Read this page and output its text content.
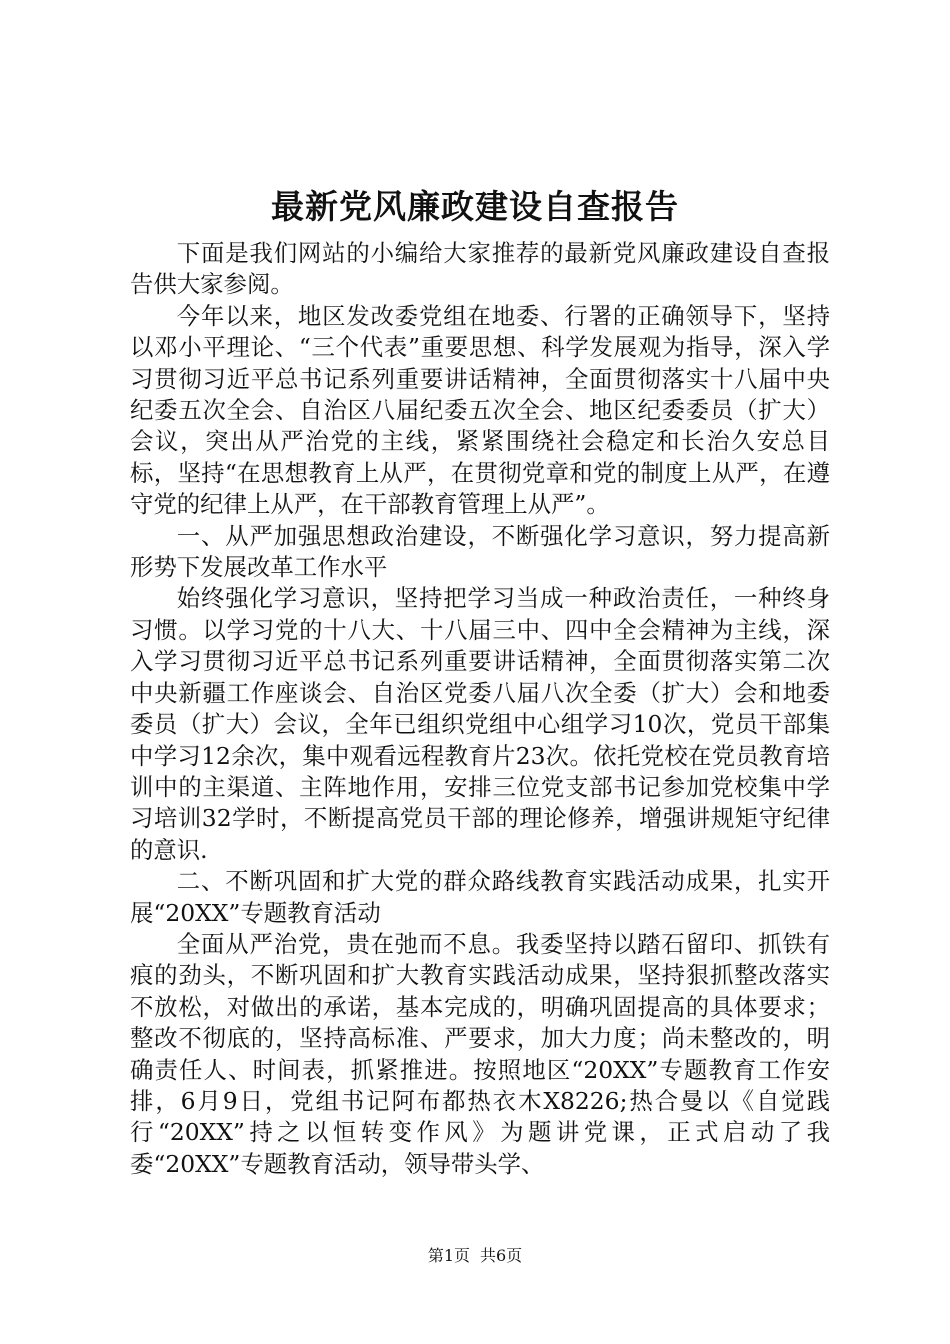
最新党风廉政建设自查报告

下面是我们网站的小编给大家推荐的最新党风廉政建设自查报告供大家参阅。

今年以来，地区发改委党组在地委、行署的正确领导下，坚持以邓小平理论、“三个代表”重要思想、科学发展观为指导，深入学习贯彻习近平总书记系列重要讲话精神，全面贯彻落实十八届中央纪委五次全会、自治区八届纪委五次全会、地区纪委委员（扩大）会议，突出从严治党的主线，紧紧围绕社会稳定和长治久安总目标，坚持“在思想教育上从严，在贯彻党章和党的制度上从严，在遵守党的纪律上从严，在干部教育管理上从严”。

一、从严加强思想政治建设，不断强化学习意识，努力提高新形势下发展改革工作水平

始终强化学习意识，坚持把学习当成一种政治责任，一种终身习惯。以学习党的十八大、十八届三中、四中全会精神为主线，深入学习贯彻习近平总书记系列重要讲话精神，全面贯彻落实第二次中央新疆工作座谈会、自治区党委八届八次全委（扩大）会和地委委员（扩大）会议，全年已组织党组中心组学习10次，党员干部集中学习12余次，集中观看远程教育片23次。依托党校在党员教育培训中的主渠道、主阵地作用，安排三位党支部书记参加党校集中学习培训32学时，不断提高党员干部的理论修养，增强讲规矩守纪律的意识.

二、不断巩固和扩大党的群众路线教育实践活动成果，扎实开展“20XX”专题教育活动

全面从严治党，贵在弛而不息。我委坚持以踏石留印、抓铁有痕的劲头，不断巩固和扩大教育实践活动成果，坚持狠抓整改落实不放松，对做出的承诺，基本完成的，明确巩固提高的具体要求；整改不彻底的，坚持高标准、严要求，加大力度；尚未整改的，明确责任人、时间表，抓紧推进。按照地区“20XX”专题教育工作安排，6月9日，党组书记阿布都热衣木X8226;热合曼以《自觉践行“20XX”持之以恒转变作风》为题讲党课，正式启动了我委“20XX”专题教育活动，领导带头学、

第1页 共6页
